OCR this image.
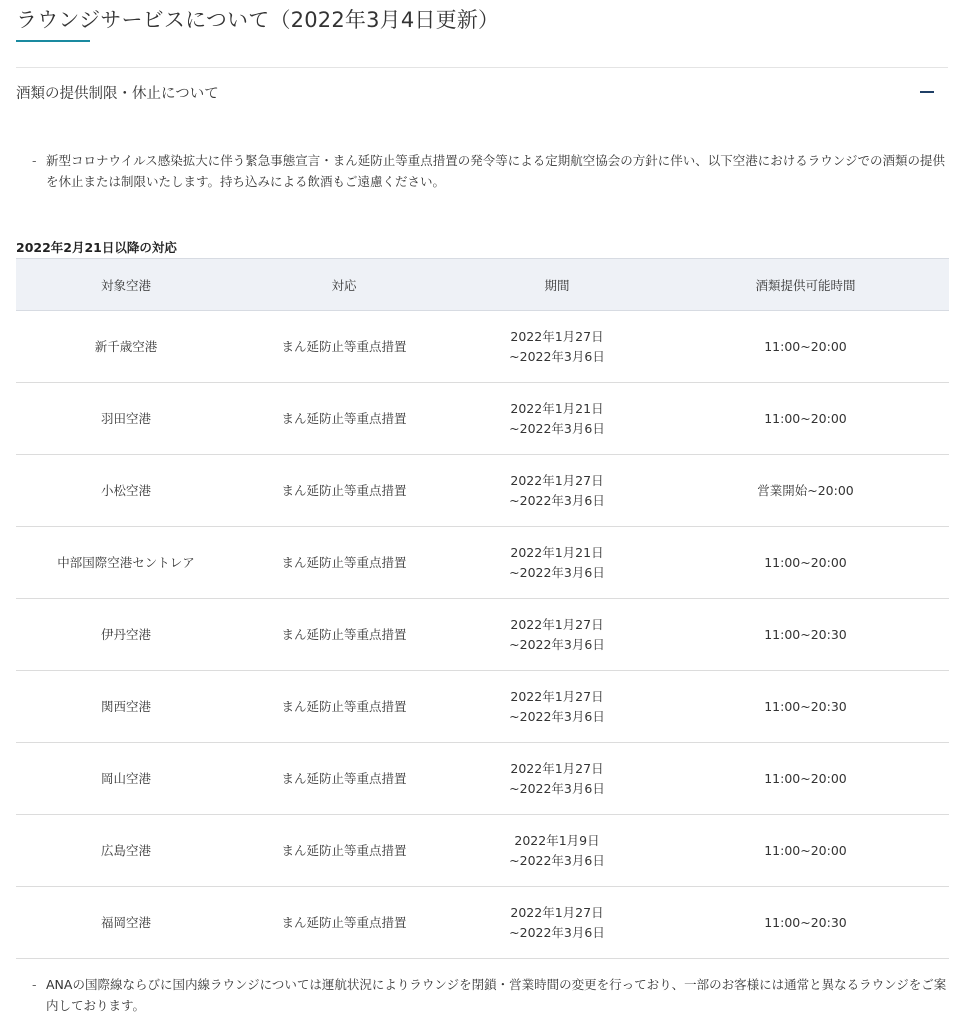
ラウンジサービスについて（2022年3月4日更新）
酒類の提供制限・休止について
- 新型コロナウイルス感染拡大に伴う緊急事態宣言・まん延防止等重点措置の発令等による定期航空協会の方針に伴い、以下空港におけるラウンジでの酒類の提供を休止または制限いたします。持ち込みによる飲酒もご遠慮ください。
2022年2月21日以降の対応
対象空港	対応	期間	酒類提供可能時間
新千歳空港	まん延防止等重点措置	2022年1月27日
~2022年3月6日	11:00~20:00
羽田空港	まん延防止等重点措置	2022年1月21日
~2022年3月6日	11:00~20:00
小松空港	まん延防止等重点措置	2022年1月27日
~2022年3月6日	営業開始~20:00
中部国際空港セントレア	まん延防止等重点措置	2022年1月21日
~2022年3月6日	11:00~20:00
伊丹空港	まん延防止等重点措置	2022年1月27日
~2022年3月6日	11:00~20:30
関西空港	まん延防止等重点措置	2022年1月27日
~2022年3月6日	11:00~20:30
岡山空港	まん延防止等重点措置	2022年1月27日
~2022年3月6日	11:00~20:00
広島空港	まん延防止等重点措置	2022年1月9日
~2022年3月6日	11:00~20:00
福岡空港	まん延防止等重点措置	2022年1月27日
~2022年3月6日	11:00~20:30
- ANAの国際線ならびに国内線ラウンジについては運航状況によりラウンジを閉鎖・営業時間の変更を行っており、一部のお客様には通常と異なるラウンジをご案内しております。
